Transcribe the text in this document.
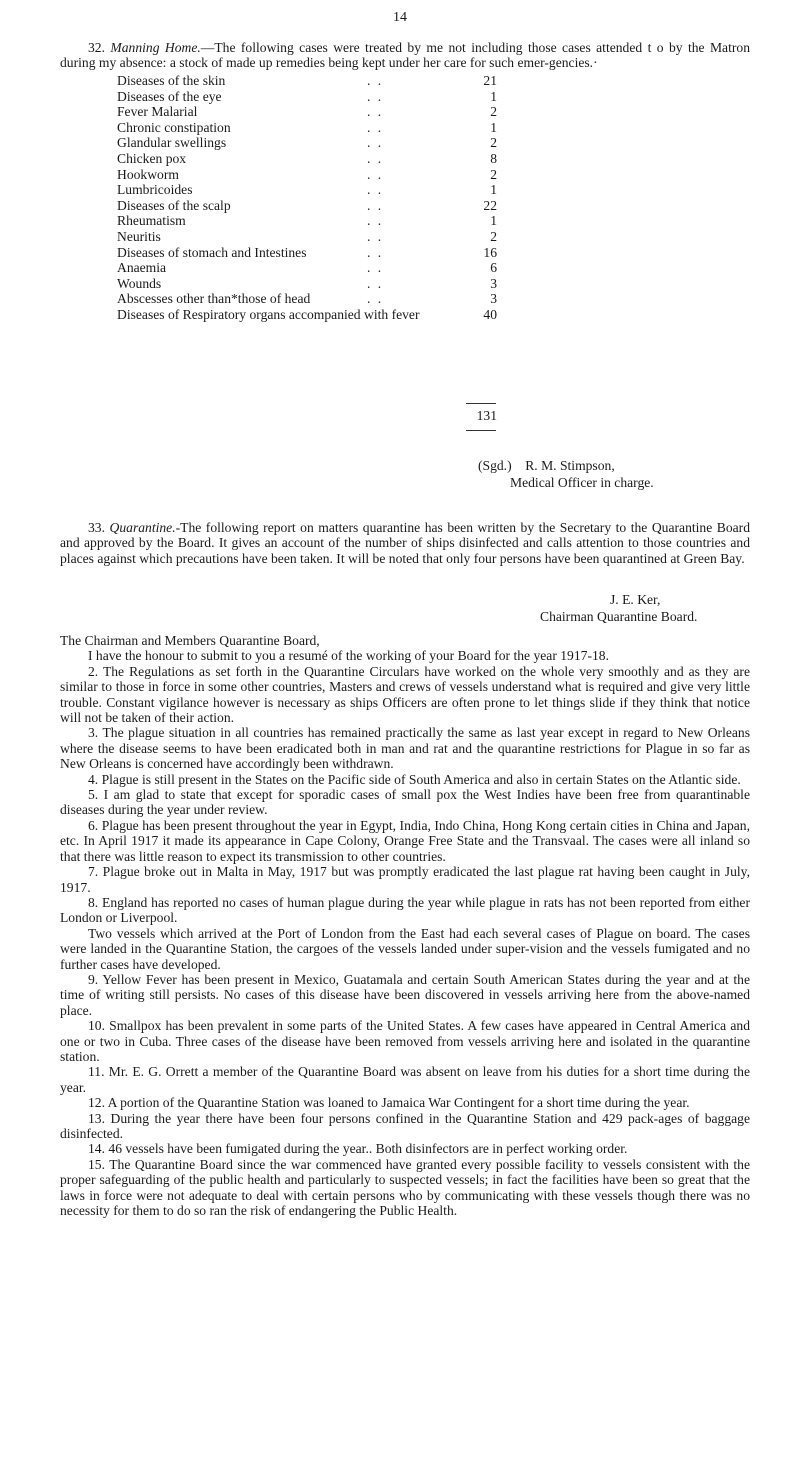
14

32. Manning Home.—The following cases were treated by me not including those cases attended t o by the Matron during my absence: a stock of made up remedies being kept under her care for such emer-gencies.·

Diseases of the skin	. .	21
Diseases of the eye	. .	1
Fever Malarial	. .	2
Chronic constipation	. .	1
Glandular swellings	. .	2
Chicken pox	. .	8
Hookworm	. .	2
Lumbricoides	. .	1
Diseases of the scalp	. .	22
Rheumatism	. .	1
Neuritis	. .	2
Diseases of stomach and Intestines	. .	16
Anaemia	. .	6
Wounds	. .	3
Abscesses other than*those of head	. .	3
Diseases of Respiratory organs accompanied with fever	40
131
(Sgd.) R. M. Stimpson,
Medical Officer in charge.

33. Quarantine.-The following report on matters quarantine has been written by the Secretary to the Quarantine Board and approved by the Board. It gives an account of the number of ships disinfected and calls attention to those countries and places against which precautions have been taken. It will be noted that only four persons have been quarantined at Green Bay.

J. E. Ker,
Chairman Quarantine Board.

The Chairman and Members Quarantine Board,

I have the honour to submit to you a resumé of the working of your Board for the year 1917-18.

2. The Regulations as set forth in the Quarantine Circulars have worked on the whole very smoothly and as they are similar to those in force in some other countries, Masters and crews of vessels understand what is required and give very little trouble. Constant vigilance however is necessary as ships Officers are often prone to let things slide if they think that notice will not be taken of their action.

3. The plague situation in all countries has remained practically the same as last year except in regard to New Orleans where the disease seems to have been eradicated both in man and rat and the quarantine restrictions for Plague in so far as New Orleans is concerned have accordingly been withdrawn.

4. Plague is still present in the States on the Pacific side of South America and also in certain States on the Atlantic side.

5. I am glad to state that except for sporadic cases of small pox the West Indies have been free from quarantinable diseases during the year under review.

6. Plague has been present throughout the year in Egypt, India, Indo China, Hong Kong certain cities in China and Japan, etc. In April 1917 it made its appearance in Cape Colony, Orange Free State and the Transvaal. The cases were all inland so that there was little reason to expect its transmission to other countries.

7. Plague broke out in Malta in May, 1917 but was promptly eradicated the last plague rat having been caught in July, 1917.

8. England has reported no cases of human plague during the year while plague in rats has not been reported from either London or Liverpool.

Two vessels which arrived at the Port of London from the East had each several cases of Plague on board. The cases were landed in the Quarantine Station, the cargoes of the vessels landed under super-vision and the vessels fumigated and no further cases have developed.

9. Yellow Fever has been present in Mexico, Guatamala and certain South American States during the year and at the time of writing still persists. No cases of this disease have been discovered in vessels arriving here from the above-named place.

10. Smallpox has been prevalent in some parts of the United States. A few cases have appeared in Central America and one or two in Cuba. Three cases of the disease have been removed from vessels arriving here and isolated in the quarantine station.

11. Mr. E. G. Orrett a member of the Quarantine Board was absent on leave from his duties for a short time during the year.

12. A portion of the Quarantine Station was loaned to Jamaica War Contingent for a short time during the year.

13. During the year there have been four persons confined in the Quarantine Station and 429 pack-ages of baggage disinfected.

14. 46 vessels have been fumigated during the year.. Both disinfectors are in perfect working order.

15. The Quarantine Board since the war commenced have granted every possible facility to vessels consistent with the proper safeguarding of the public health and particularly to suspected vessels; in fact the facilities have been so great that the laws in force were not adequate to deal with certain persons who by communicating with these vessels though there was no necessity for them to do so ran the risk of endangering the Public Health.
